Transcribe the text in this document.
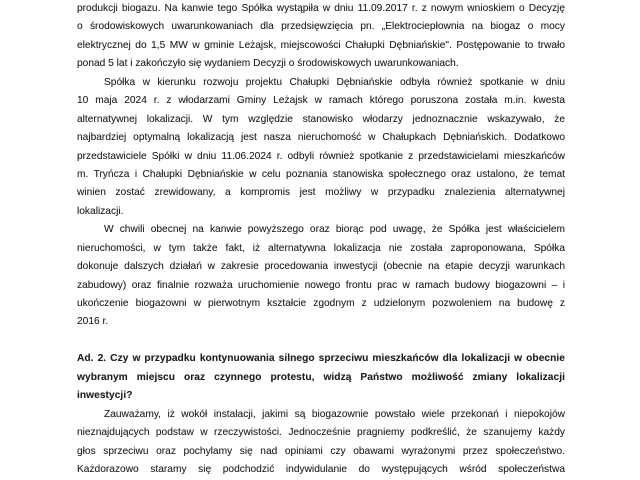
produkcji biogazu. Na kanwie tego Spółka wystąpiła w dniu 11.09.2017 r. z nowym wnioskiem o Decyzję
o środowiskowych uwarunkowaniach dla przedsięwzięcia pn. „Elektrociepłownia na biogaz o mocy
elektrycznej do 1,5 MW w gminie Leżajsk, miejscowości Chałupki Dębniańskie". Postępowanie to trwało
ponad 5 lat i zakończyło się wydaniem Decyzji o środowiskowych uwarunkowaniach.
Spółka w kierunku rozwoju projektu Chałupki Dębniańskie odbyła również spotkanie w dniu
10 maja 2024 r. z włodarzami Gminy Leżajsk w ramach którego poruszona została m.in. kwesta
alternatywnej lokalizacji. W tym względzie stanowisko włodarzy jednoznacznie wskazywało, że
najbardziej optymalną lokalizacją jest nasza nieruchomość w Chałupkach Dębniańskich. Dodatkowo
przedstawiciele Spółki w dniu 11.06.2024 r. odbyli również spotkanie z przedstawicielami mieszkańców
m. Tryńcza i Chałupki Dębniańskie w celu poznania stanowiska społecznego oraz ustalono, że temat
winien zostać zrewidowany, a kompromis jest możliwy w przypadku znalezienia alternatywnej
lokalizacji.
W chwili obecnej na kanwie powyższego oraz biorąc pod uwagę, że Spółka jest właścicielem
nieruchomości, w tym także fakt, iż alternatywna lokalizacja nie została zaproponowana, Spółka
dokonuje dalszych działań w zakresie procedowania inwestycji (obecnie na etapie decyzji warunkach
zabudowy) oraz finalnie rozważa uruchomienie nowego frontu prac w ramach budowy biogazowni – i
ukończenie biogazowni w pierwotnym kształcie zgodnym z udzielonym pozwoleniem na budowę z
2016 r.
Ad. 2. Czy w przypadku kontynuowania silnego sprzeciwu mieszkańców dla lokalizacji w obecnie
wybranym miejscu oraz czynnego protestu, widzą Państwo możliwość zmiany lokalizacji
inwestycji?
Zauważamy, iż wokół instalacji, jakimi są biogazownie powstało wiele przekonań i niepokojów
nieznajdujących podstaw w rzeczywistości. Jednocześnie pragniemy podkreślić, że szanujemy każdy
głos sprzeciwu oraz pochylamy się nad opiniami czy obawami wyrażonymi przez społeczeństwo.
Każdorazowo staramy się podchodzić indywidulanie do występujących wśród społeczeństwa
